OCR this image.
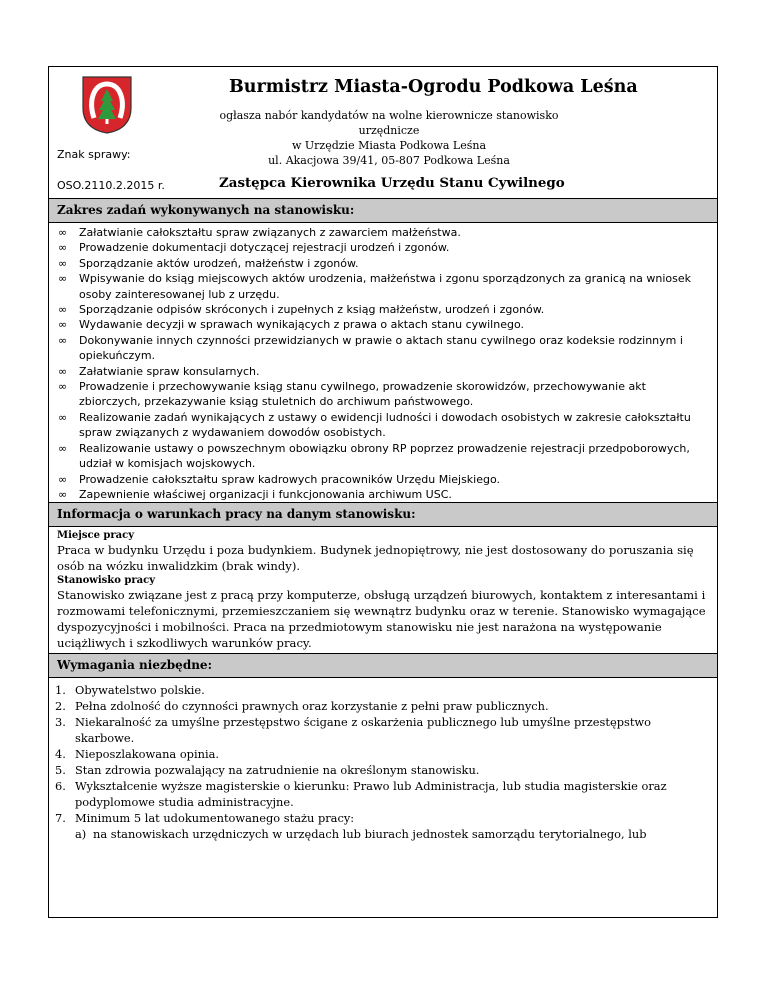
Znak sprawy:
OSO.2110.2.2015 r.
Burmistrz Miasta-Ogrodu Podkowa Leśna
ogłasza nabór kandydatów na wolne kierownicze stanowisko urzędnicze
w Urzędzie Miasta Podkowa Leśna
ul. Akacjowa 39/41, 05-807 Podkowa Leśna
Zastępca Kierownika Urzędu Stanu Cywilnego
Zakres zadań wykonywanych na stanowisku:
∞ Załatwianie całokształtu spraw związanych z zawarciem małżeństwa.
∞ Prowadzenie dokumentacji dotyczącej rejestracji urodzeń i zgonów.
∞ Sporządzanie aktów urodzeń, małżeństw i zgonów.
∞ Wpisywanie do ksiąg miejscowych aktów urodzenia, małżeństwa i zgonu sporządzonych za granicą na wniosek osoby zainteresowanej lub z urzędu.
∞ Sporządzanie odpisów skróconych i zupełnych z ksiąg małżeństw, urodzeń i zgonów.
∞ Wydawanie decyzji w sprawach wynikających z prawa o aktach stanu cywilnego.
∞ Dokonywanie innych czynności przewidzianych w prawie o aktach stanu cywilnego oraz kodeksie rodzinnym i opiekuńczym.
∞ Załatwianie spraw konsularnych.
∞ Prowadzenie i przechowywanie ksiąg stanu cywilnego, prowadzenie skorowidzów, przechowywanie akt zbiorczych, przekazywanie ksiąg stuletnich do archiwum państwowego.
∞ Realizowanie zadań wynikających z ustawy o ewidencji ludności i dowodach osobistych w zakresie całokształtu spraw związanych z wydawaniem dowodów osobistych.
∞ Realizowanie ustawy o powszechnym obowiązku obrony RP poprzez prowadzenie rejestracji przedpoborowych, udział w komisjach wojskowych.
∞ Prowadzenie całokształtu spraw kadrowych pracowników Urzędu Miejskiego.
∞ Zapewnienie właściwej organizacji i funkcjonowania archiwum USC.
Informacja o warunkach pracy na danym stanowisku:
Miejsce pracy
Praca w budynku Urzędu i poza budynkiem. Budynek jednopiętrowy, nie jest dostosowany do poruszania się osób na wózku inwalidzkim (brak windy).
Stanowisko pracy
Stanowisko związane jest z pracą przy komputerze, obsługą urządzeń biurowych, kontaktem z interesantami i rozmowami telefonicznymi, przemieszczaniem się wewnątrz budynku oraz w terenie. Stanowisko wymagające dyspozycyjności i mobilności. Praca na przedmiotowym stanowisku nie jest narażona na występowanie uciążliwych i szkodliwych warunków pracy.
Wymagania niezbędne:
1. Obywatelstwo polskie.
2. Pełna zdolność do czynności prawnych oraz korzystanie z pełni praw publicznych.
3. Niekaralność za umyślne przestępstwo ścigane z oskarżenia publicznego lub umyślne przestępstwo skarbowe.
4. Nieposzlakowana opinia.
5. Stan zdrowia pozwalający na zatrudnienie na określonym stanowisku.
6. Wykształcenie wyższe magisterskie o kierunku: Prawo lub Administracja, lub studia magisterskie oraz podyplomowe studia administracyjne.
7. Minimum 5 lat udokumentowanego stażu pracy:
a) na stanowiskach urzędniczych w urzędach lub biurach jednostek samorządu terytorialnego, lub
